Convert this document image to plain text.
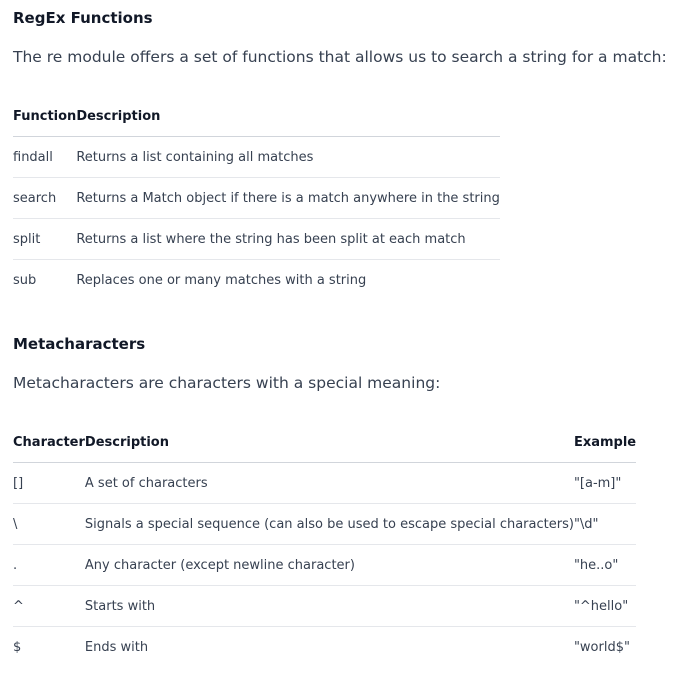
RegEx Functions

The re module offers a set of functions that allows us to search a string for a match:

Function	Description
findall	Returns a list containing all matches
search	Returns a Match object if there is a match anywhere in the string
split	Returns a list where the string has been split at each match
sub	Replaces one or many matches with a string
Metacharacters

Metacharacters are characters with a special meaning:

Character	Description	Example
[]	A set of characters	"[a-m]"
\	Signals a special sequence (can also be used to escape special characters)	"\d"
.	Any character (except newline character)	"he..o"
^	Starts with	"^hello"
$	Ends with	"world$"
